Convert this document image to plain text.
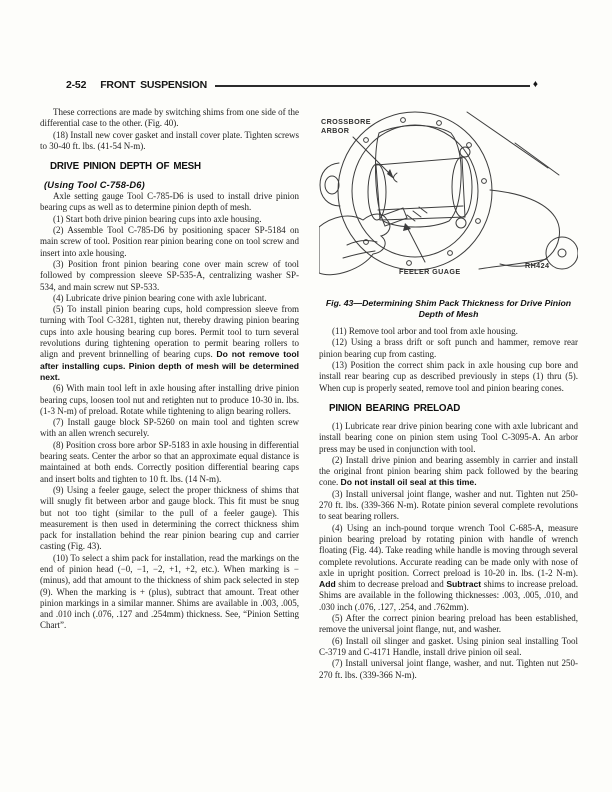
2-52 FRONT SUSPENSION	♦

These corrections are made by switching shims from one side of the differential case to the other. (Fig. 40).

(18) Install new cover gasket and install cover plate. Tighten screws to 30-40 ft. lbs. (41-54 N-m).

DRIVE PINION DEPTH OF MESH
(Using Tool C-758-D6)

Axle setting gauge Tool C-785-D6 is used to install drive pinion bearing cups as well as to determine pinion depth of mesh.

(1) Start both drive pinion bearing cups into axle housing.

(2) Assemble Tool C-785-D6 by positioning spacer SP-5184 on main screw of tool. Position rear pinion bearing cone on tool screw and insert into axle housing.

(3) Position front pinion bearing cone over main screw of tool followed by compression sleeve SP-535-A, centralizing washer SP-534, and main screw nut SP-533.

(4) Lubricate drive pinion bearing cone with axle lubricant.

(5) To install pinion bearing cups, hold compression sleeve from turning with Tool C-3281, tighten nut, thereby drawing pinion bearing cups into axle housing bearing cup bores. Permit tool to turn several revolutions during tightening operation to permit bearing rollers to align and prevent brinnelling of bearing cups. Do not remove tool after installing cups. Pinion depth of mesh will be determined next.

(6) With main tool left in axle housing after installing drive pinion bearing cups, loosen tool nut and retighten nut to produce 10-30 in. lbs. (1-3 N-m) of preload. Rotate while tightening to align bearing rollers.

(7) Install gauge block SP-5260 on main tool and tighten screw with an allen wrench securely.

(8) Position cross bore arbor SP-5183 in axle housing in differential bearing seats. Center the arbor so that an approximate equal distance is maintained at both ends. Correctly position differential bearing caps and insert bolts and tighten to 10 ft. lbs. (14 N-m).

(9) Using a feeler gauge, select the proper thickness of shims that will snugly fit between arbor and gauge block. This fit must be snug but not too tight (similar to the pull of a feeler gauge). This measurement is then used in determining the correct thickness shim pack for installation behind the rear pinion bearing cup and carrier casting (Fig. 43).

(10) To select a shim pack for installation, read the markings on the end of pinion head (−0, −1, −2, +1, +2, etc.). When marking is − (minus), add that amount to the thickness of shim pack selected in step (9). When the marking is + (plus), subtract that amount. Treat other pinion markings in a similar manner. Shims are available in .003, .005, and .010 inch (.076, .127 and .254mm) thickness. See, “Pinion Setting Chart”.

CROSSBORE
ARBOR
FEELER GUAGE
RH424
Fig. 43—Determining Shim Pack Thickness for Drive Pinion Depth of Mesh

(11) Remove tool arbor and tool from axle housing.

(12) Using a brass drift or soft punch and hammer, remove rear pinion bearing cup from casting.

(13) Position the correct shim pack in axle housing cup bore and install rear bearing cup as described previously in steps (1) thru (5). When cup is properly seated, remove tool and pinion bearing cones.

PINION BEARING PRELOAD

(1) Lubricate rear drive pinion bearing cone with axle lubricant and install bearing cone on pinion stem using Tool C-3095-A. An arbor press may be used in conjunction with tool.

(2) Install drive pinion and bearing assembly in carrier and install the original front pinion bearing shim pack followed by the bearing cone. Do not install oil seal at this time.

(3) Install universal joint flange, washer and nut. Tighten nut 250-270 ft. lbs. (339-366 N-m). Rotate pinion several complete revolutions to seat bearing rollers.

(4) Using an inch-pound torque wrench Tool C-685-A, measure pinion bearing preload by rotating pinion with handle of wrench floating (Fig. 44). Take reading while handle is moving through several complete revolutions. Accurate reading can be made only with nose of axle in upright position. Correct preload is 10-20 in. lbs. (1-2 N-m). Add shim to decrease preload and Subtract shims to increase preload. Shims are available in the following thicknesses: .003, .005, .010, and .030 inch (.076, .127, .254, and .762mm).

(5) After the correct pinion bearing preload has been established, remove the universal joint flange, nut, and washer.

(6) Install oil slinger and gasket. Using pinion seal installing Tool C-3719 and C-4171 Handle, install drive pinion oil seal.

(7) Install universal joint flange, washer, and nut. Tighten nut 250-270 ft. lbs. (339-366 N-m).
